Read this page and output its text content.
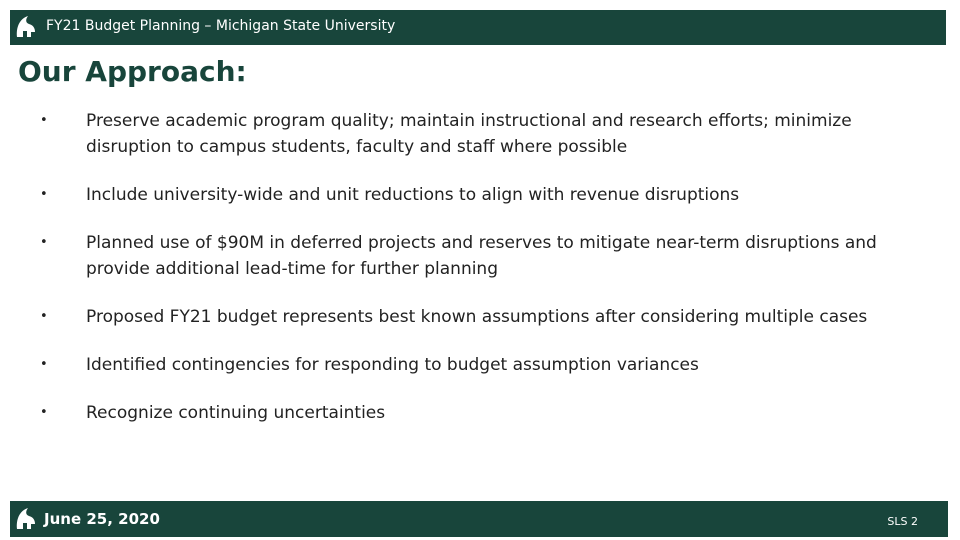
FY21 Budget Planning – Michigan State University
Our Approach:
• Preserve academic program quality; maintain instructional and research efforts; minimize disruption to campus students, faculty and staff where possible
• Include university-wide and unit reductions to align with revenue disruptions
• Planned use of $90M in deferred projects and reserves to mitigate near-term disruptions and provide additional lead-time for further planning
• Proposed FY21 budget represents best known assumptions after considering multiple cases
• Identified contingencies for responding to budget assumption variances
• Recognize continuing uncertainties
June 25, 2020	SLS 2
